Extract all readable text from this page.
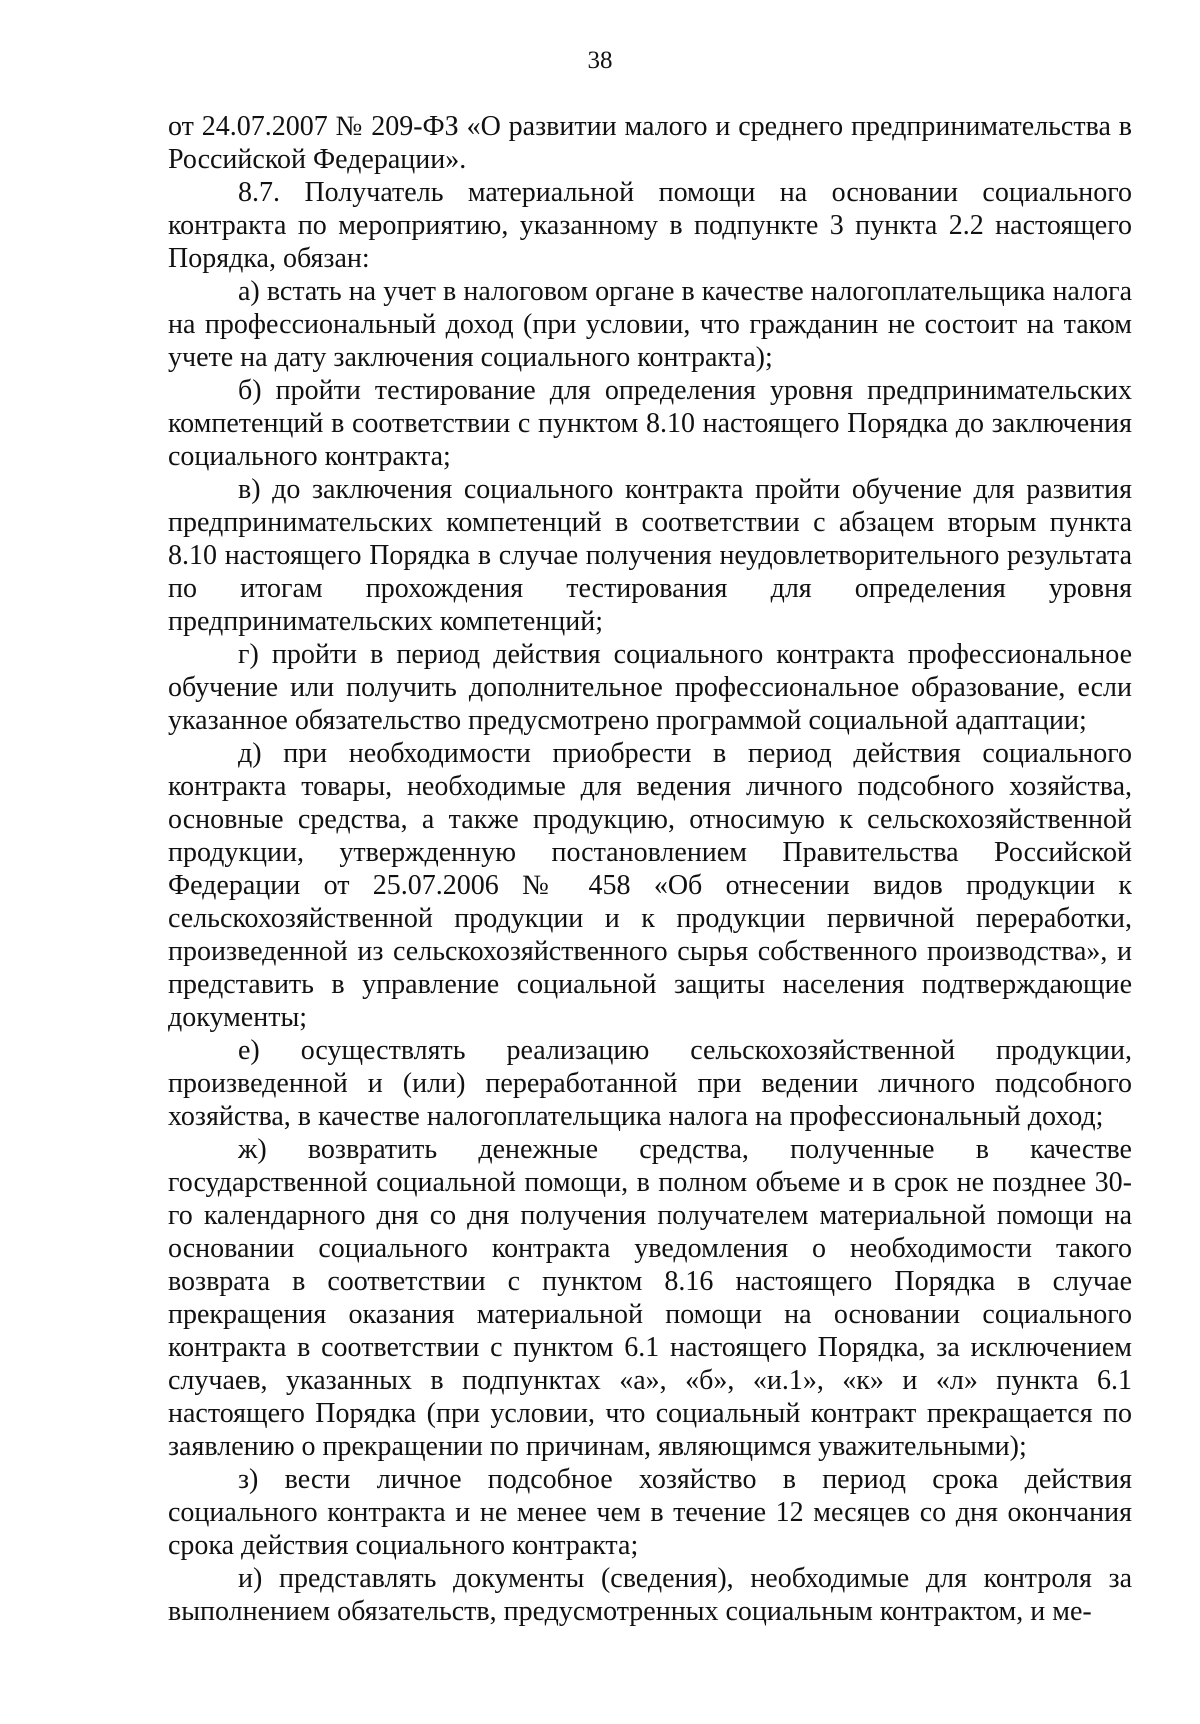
38

от 24.07.2007 № 209-ФЗ «О развитии малого и среднего предпринимательства в Российской Федерации».

8.7. Получатель материальной помощи на основании социального контракта по мероприятию, указанному в подпункте 3 пункта 2.2 настоящего Порядка, обязан:

а) встать на учет в налоговом органе в качестве налогоплательщика налога на профессиональный доход (при условии, что гражданин не состоит на таком учете на дату заключения социального контракта);

б) пройти тестирование для определения уровня предпринимательских компетенций в соответствии с пунктом 8.10 настоящего Порядка до заключения социального контракта;

в) до заключения социального контракта пройти обучение для развития предпринимательских компетенций в соответствии с абзацем вторым пункта 8.10 настоящего Порядка в случае получения неудовлетворительного результата по итогам прохождения тестирования для определения уровня предпринимательских компетенций;

г) пройти в период действия социального контракта профессиональное обучение или получить дополнительное профессиональное образование, если указанное обязательство предусмотрено программой социальной адаптации;

д) при необходимости приобрести в период действия социального контракта товары, необходимые для ведения личного подсобного хозяйства, основные средства, а также продукцию, относимую к сельскохозяйственной продукции, утвержденную постановлением Правительства Российской Федерации от 25.07.2006 № 458 «Об отнесении видов продукции к сельскохозяйственной продукции и к продукции первичной переработки, произведенной из сельскохозяйственного сырья собственного производства», и представить в управление социальной защиты населения подтверждающие документы;

е) осуществлять реализацию сельскохозяйственной продукции, произведенной и (или) переработанной при ведении личного подсобного хозяйства, в качестве налогоплательщика налога на профессиональный доход;

ж) возвратить денежные средства, полученные в качестве государственной социальной помощи, в полном объеме и в срок не позднее 30-го календарного дня со дня получения получателем материальной помощи на основании социального контракта уведомления о необходимости такого возврата в соответствии с пунктом 8.16 настоящего Порядка в случае прекращения оказания материальной помощи на основании социального контракта в соответствии с пунктом 6.1 настоящего Порядка, за исключением случаев, указанных в подпунктах «а», «б», «и.1», «к» и «л» пункта 6.1 настоящего Порядка (при условии, что социальный контракт прекращается по заявлению о прекращении по причинам, являющимся уважительными);

з) вести личное подсобное хозяйство в период срока действия социального контракта и не менее чем в течение 12 месяцев со дня окончания срока действия социального контракта;

и) представлять документы (сведения), необходимые для контроля за выполнением обязательств, предусмотренных социальным контрактом, и ме-
